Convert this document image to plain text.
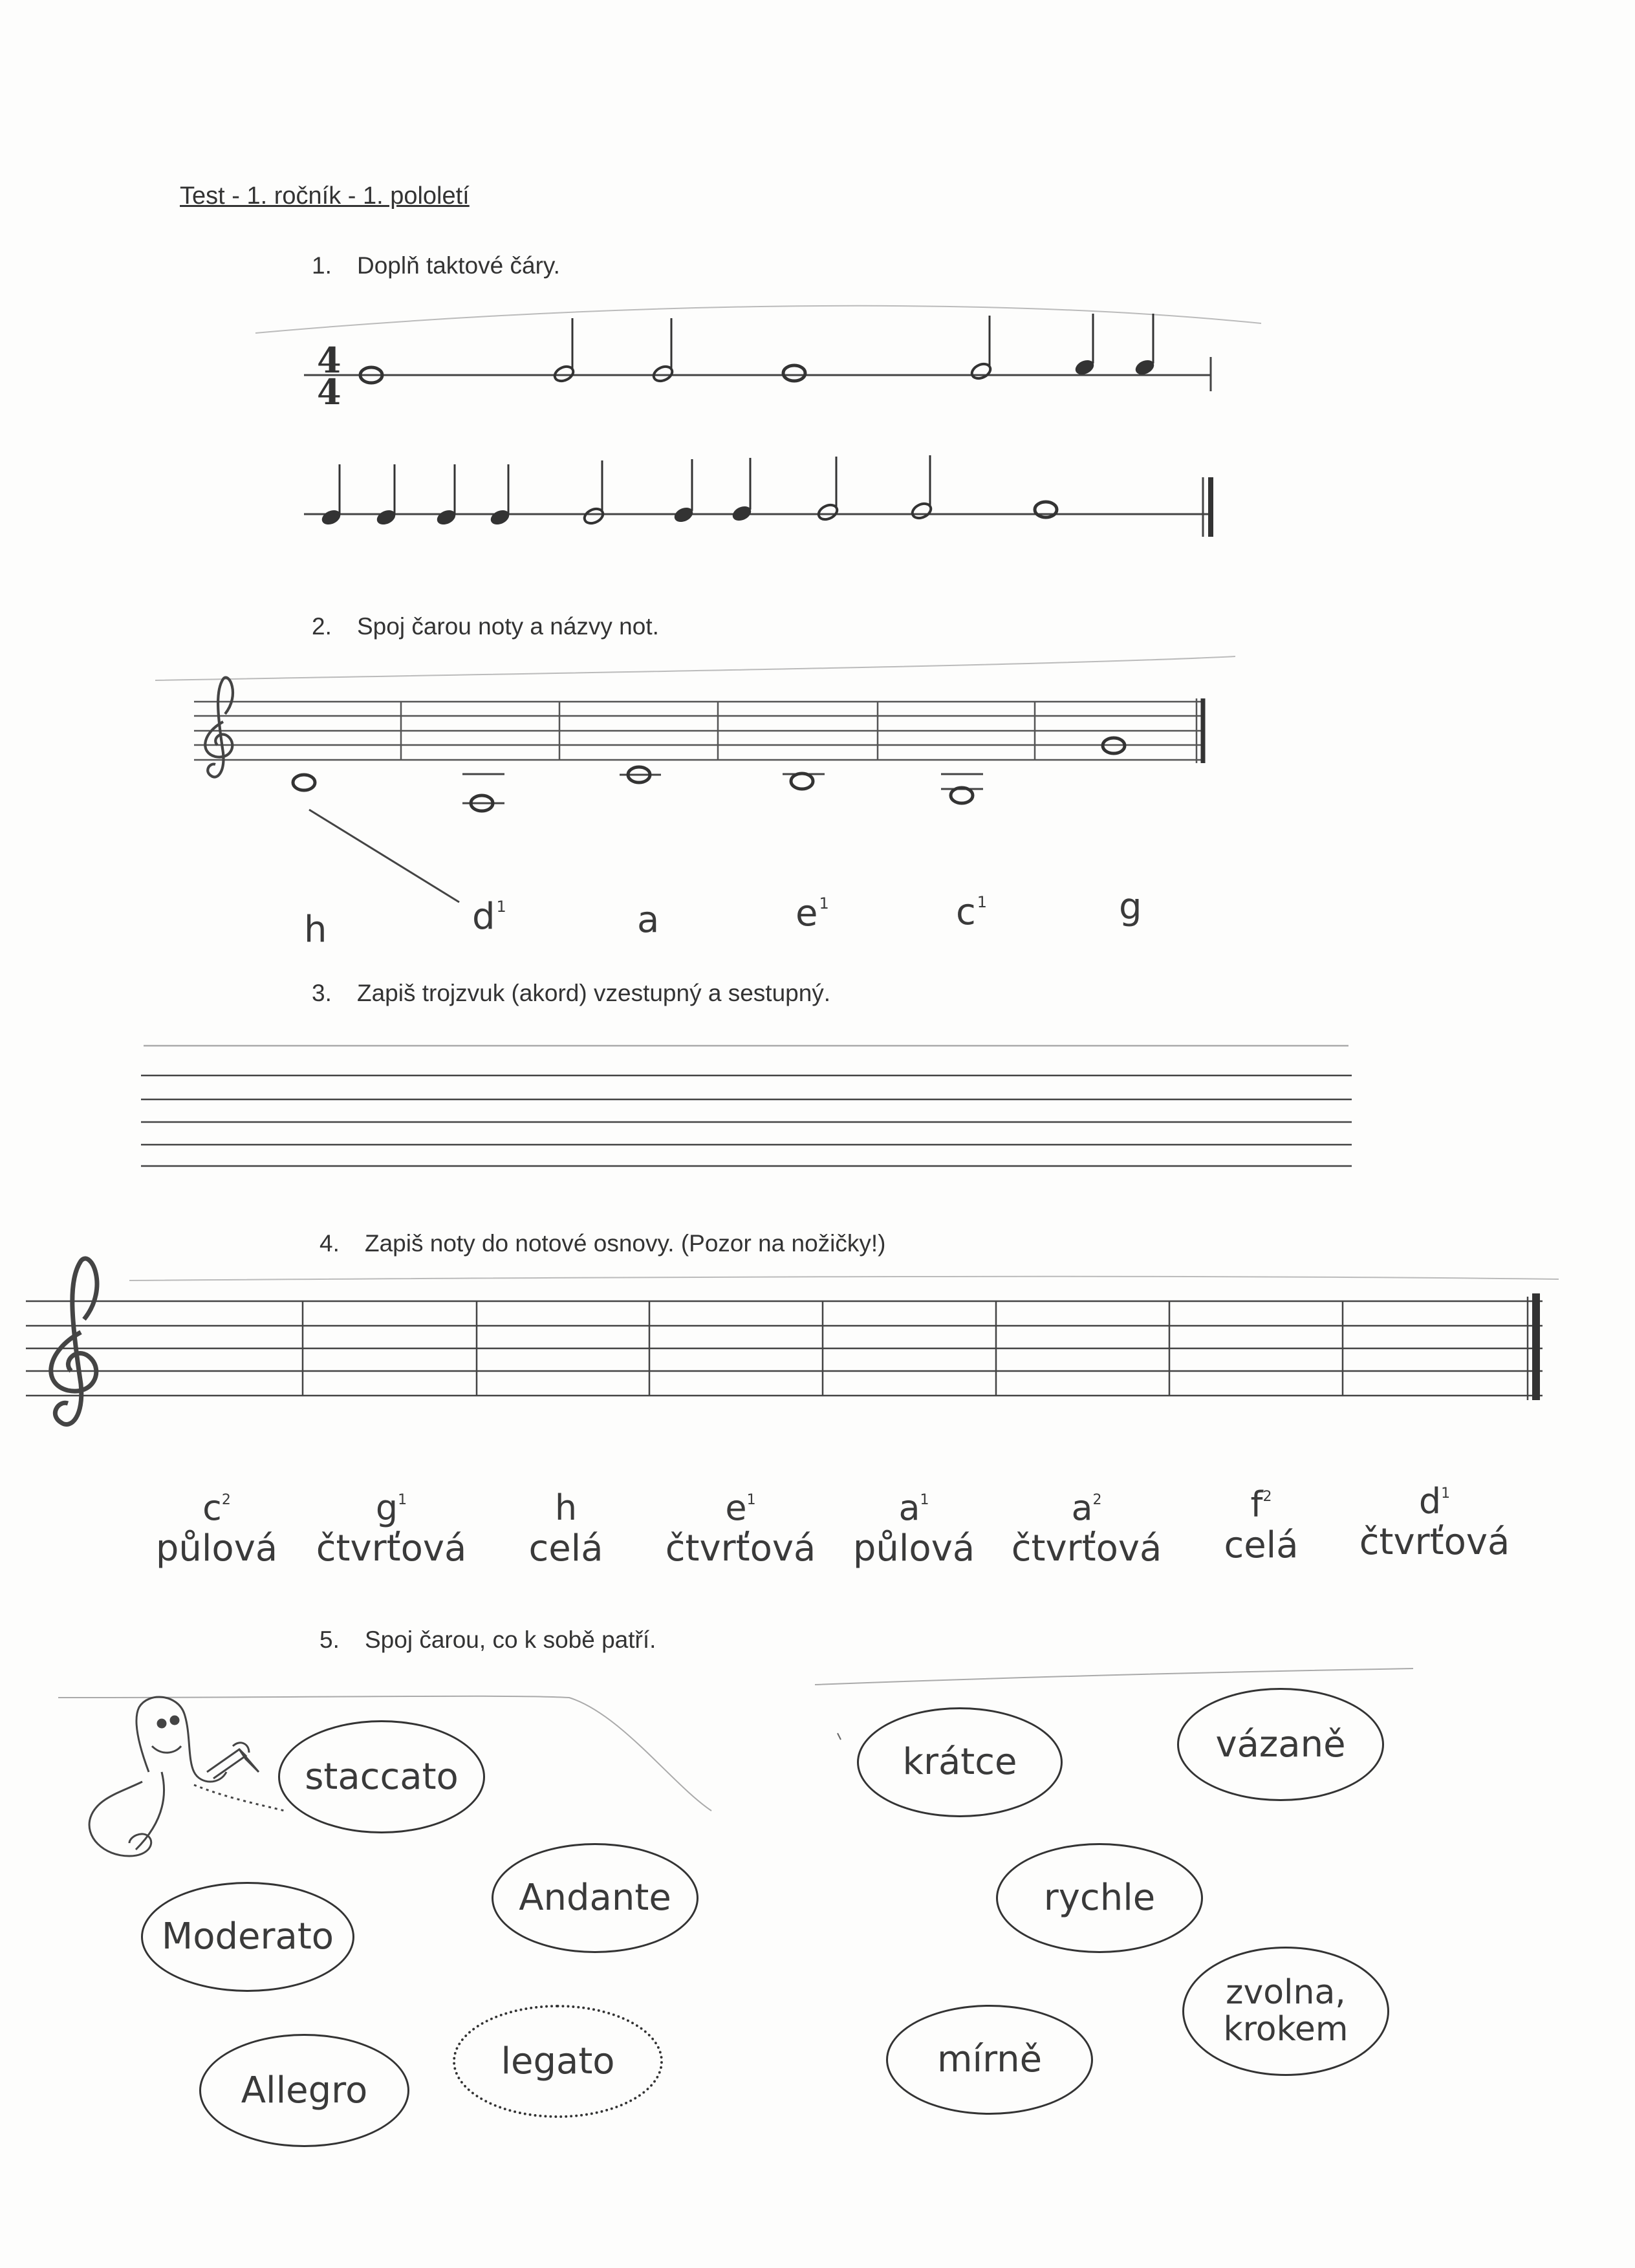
Test - 1. ročník - 1. pololetí
1. Doplň taktové čáry.
2. Spoj čarou noty a názvy not.
3. Zapiš trojzvuk (akord) vzestupný a sestupný.
4. Zapiš noty do notové osnovy. (Pozor na nožičky!)
5. Spoj čarou, co k sobě patří.
4
4
h	$d^1$	a	$e^1$	$c^1$	g
$c^2$
půlová
$g^1$
čtvrťová
h
celá
$e^1$
čtvrťová
$a^1$
půlová
$a^2$
čtvrťová
$f^2$
celá
$d^1$
čtvrťová
staccato
Moderato
Andante
Allegro
legato
krátce	vázaně
rychle
zvolna, krokem
mírně
